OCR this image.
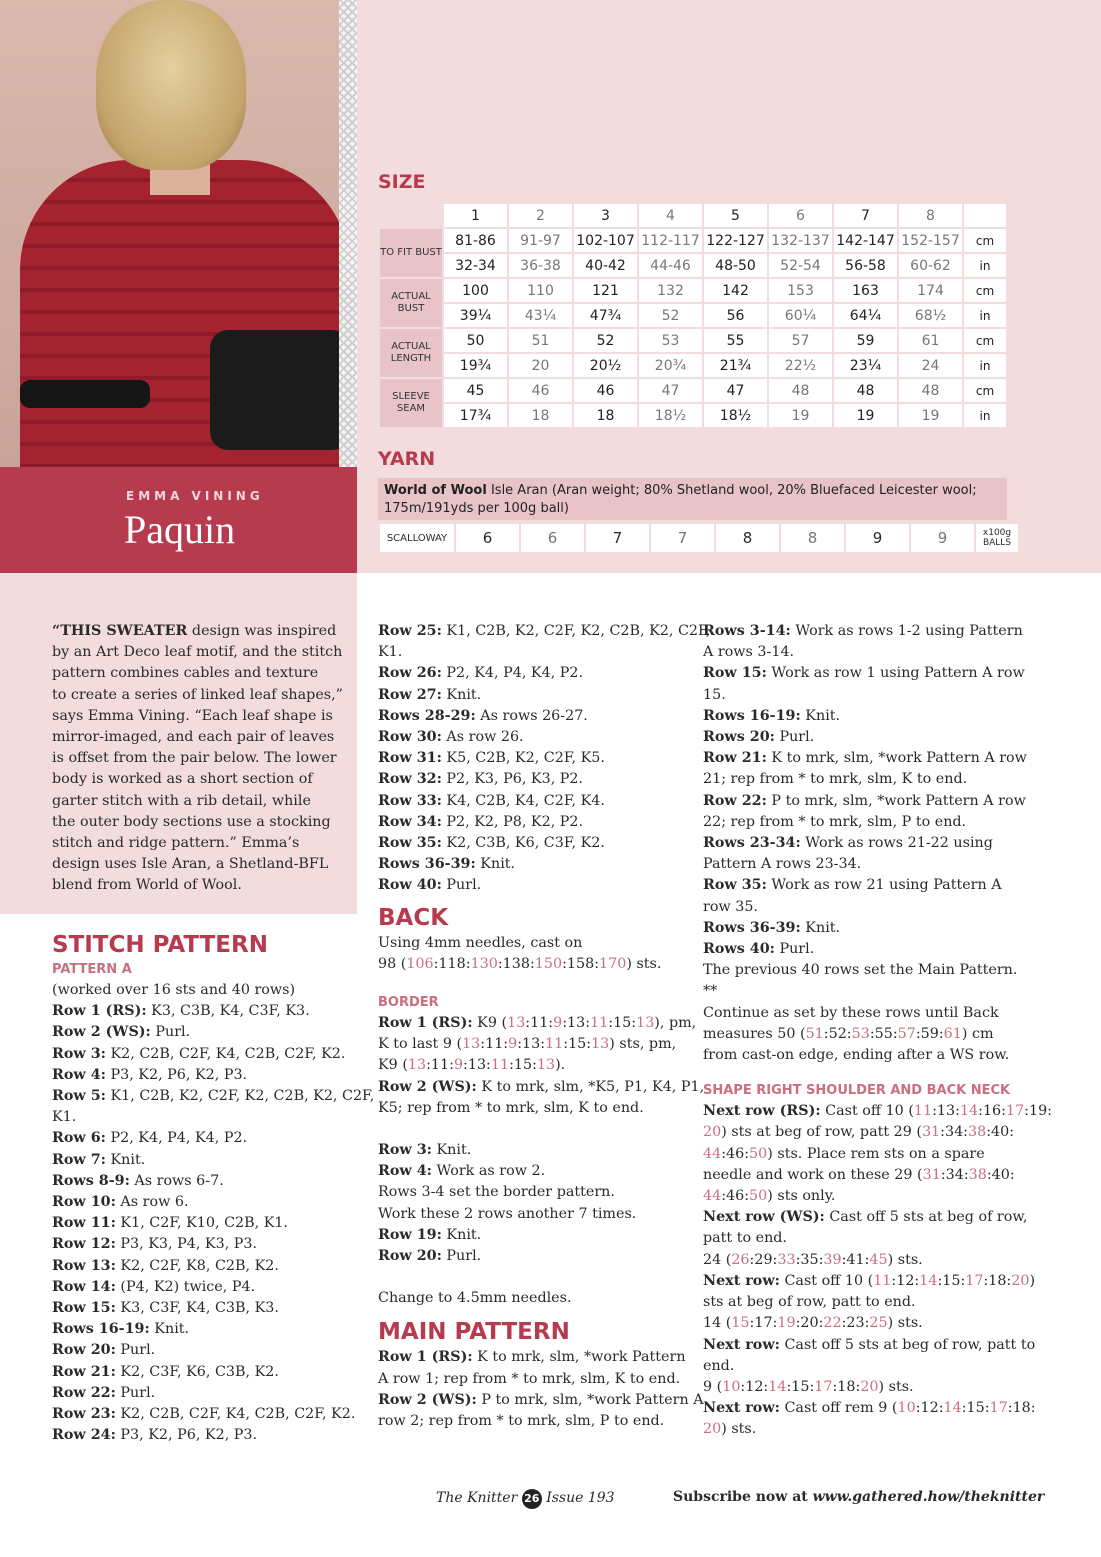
EMMA VINING
Paquin
SIZE
	1	2	3	4	5	6	7	8	
TO FIT BUST	81-86	91-97	102-107	112-117	122-127	132-137	142-147	152-157	cm
	32-34	36-38	40-42	44-46	48-50	52-54	56-58	60-62	in
ACTUAL BUST	100	110	121	132	142	153	163	174	cm
	39¼	43¼	47¾	52	56	60¼	64¼	68½	in
ACTUAL LENGTH	50	51	52	53	55	57	59	61	cm
	19¾	20	20½	20¾	21¾	22½	23¼	24	in
SLEEVE SEAM	45	46	46	47	47	48	48	48	cm
	17¾	18	18	18½	18½	19	19	19	in
YARN
World of Wool Isle Aran (Aran weight; 80% Shetland wool, 20% Bluefaced Leicester wool; 175m/191yds per 100g ball)
SCALLOWAY	6	6	7	7	8	8	9	9	x100g BALLS

“THIS SWEATER design was inspired

by an Art Deco leaf motif, and the stitch

pattern combines cables and texture

to create a series of linked leaf shapes,”

says Emma Vining. “Each leaf shape is

mirror-imaged, and each pair of leaves

is offset from the pair below. The lower

body is worked as a short section of

garter stitch with a rib detail, while

the outer body sections use a stocking

stitch and ridge pattern.” Emma’s

design uses Isle Aran, a Shetland-BFL

blend from World of Wool.

STITCH PATTERN
PATTERN A

(worked over 16 sts and 40 rows)

Row 1 (RS): K3, C3B, K4, C3F, K3.

Row 2 (WS): Purl.

Row 3: K2, C2B, C2F, K4, C2B, C2F, K2.

Row 4: P3, K2, P6, K2, P3.

Row 5: K1, C2B, K2, C2F, K2, C2B, K2, C2F,

K1.

Row 6: P2, K4, P4, K4, P2.

Row 7: Knit.

Rows 8-9: As rows 6-7.

Row 10: As row 6.

Row 11: K1, C2F, K10, C2B, K1.

Row 12: P3, K3, P4, K3, P3.

Row 13: K2, C2F, K8, C2B, K2.

Row 14: (P4, K2) twice, P4.

Row 15: K3, C3F, K4, C3B, K3.

Rows 16-19: Knit.

Row 20: Purl.

Row 21: K2, C3F, K6, C3B, K2.

Row 22: Purl.

Row 23: K2, C2B, C2F, K4, C2B, C2F, K2.

Row 24: P3, K2, P6, K2, P3.

Row 25: K1, C2B, K2, C2F, K2, C2B, K2, C2F,

K1.

Row 26: P2, K4, P4, K4, P2.

Row 27: Knit.

Rows 28-29: As rows 26-27.

Row 30: As row 26.

Row 31: K5, C2B, K2, C2F, K5.

Row 32: P2, K3, P6, K3, P2.

Row 33: K4, C2B, K4, C2F, K4.

Row 34: P2, K2, P8, K2, P2.

Row 35: K2, C3B, K6, C3F, K2.

Rows 36-39: Knit.

Row 40: Purl.

BACK

Using 4mm needles, cast on

98 (106:118:130:138:150:158:170) sts.

BORDER

Row 1 (RS): K9 (13:11:9:13:11:15:13), pm,

K to last 9 (13:11:9:13:11:15:13) sts, pm,

K9 (13:11:9:13:11:15:13).

Row 2 (WS): K to mrk, slm, *K5, P1, K4, P1,

K5; rep from * to mrk, slm, K to end.

Row 3: Knit.

Row 4: Work as row 2.

Rows 3-4 set the border pattern.

Work these 2 rows another 7 times.

Row 19: Knit.

Row 20: Purl.

Change to 4.5mm needles.

MAIN PATTERN

Row 1 (RS): K to mrk, slm, *work Pattern

A row 1; rep from * to mrk, slm, K to end.

Row 2 (WS): P to mrk, slm, *work Pattern A

row 2; rep from * to mrk, slm, P to end.

Rows 3-14: Work as rows 1-2 using Pattern

A rows 3-14.

Row 15: Work as row 1 using Pattern A row

15.

Rows 16-19: Knit.

Rows 20: Purl.

Row 21: K to mrk, slm, *work Pattern A row

21; rep from * to mrk, slm, K to end.

Row 22: P to mrk, slm, *work Pattern A row

22; rep from * to mrk, slm, P to end.

Rows 23-34: Work as rows 21-22 using

Pattern A rows 23-34.

Row 35: Work as row 21 using Pattern A

row 35.

Rows 36-39: Knit.

Rows 40: Purl.

The previous 40 rows set the Main Pattern.

**

Continue as set by these rows until Back

measures 50 (51:52:53:55:57:59:61) cm

from cast-on edge, ending after a WS row.

SHAPE RIGHT SHOULDER AND BACK NECK

Next row (RS): Cast off 10 (11:13:14:16:17:19:

20) sts at beg of row, patt 29 (31:34:38:40:

44:46:50) sts. Place rem sts on a spare

needle and work on these 29 (31:34:38:40:

44:46:50) sts only.

Next row (WS): Cast off 5 sts at beg of row,

patt to end.

24 (26:29:33:35:39:41:45) sts.

Next row: Cast off 10 (11:12:14:15:17:18:20)

sts at beg of row, patt to end.

14 (15:17:19:20:22:23:25) sts.

Next row: Cast off 5 sts at beg of row, patt to

end.

9 (10:12:14:15:17:18:20) sts.

Next row: Cast off rem 9 (10:12:14:15:17:18:

20) sts.

The Knitter 26 Issue 193	Subscribe now at www.gathered.how/theknitter
